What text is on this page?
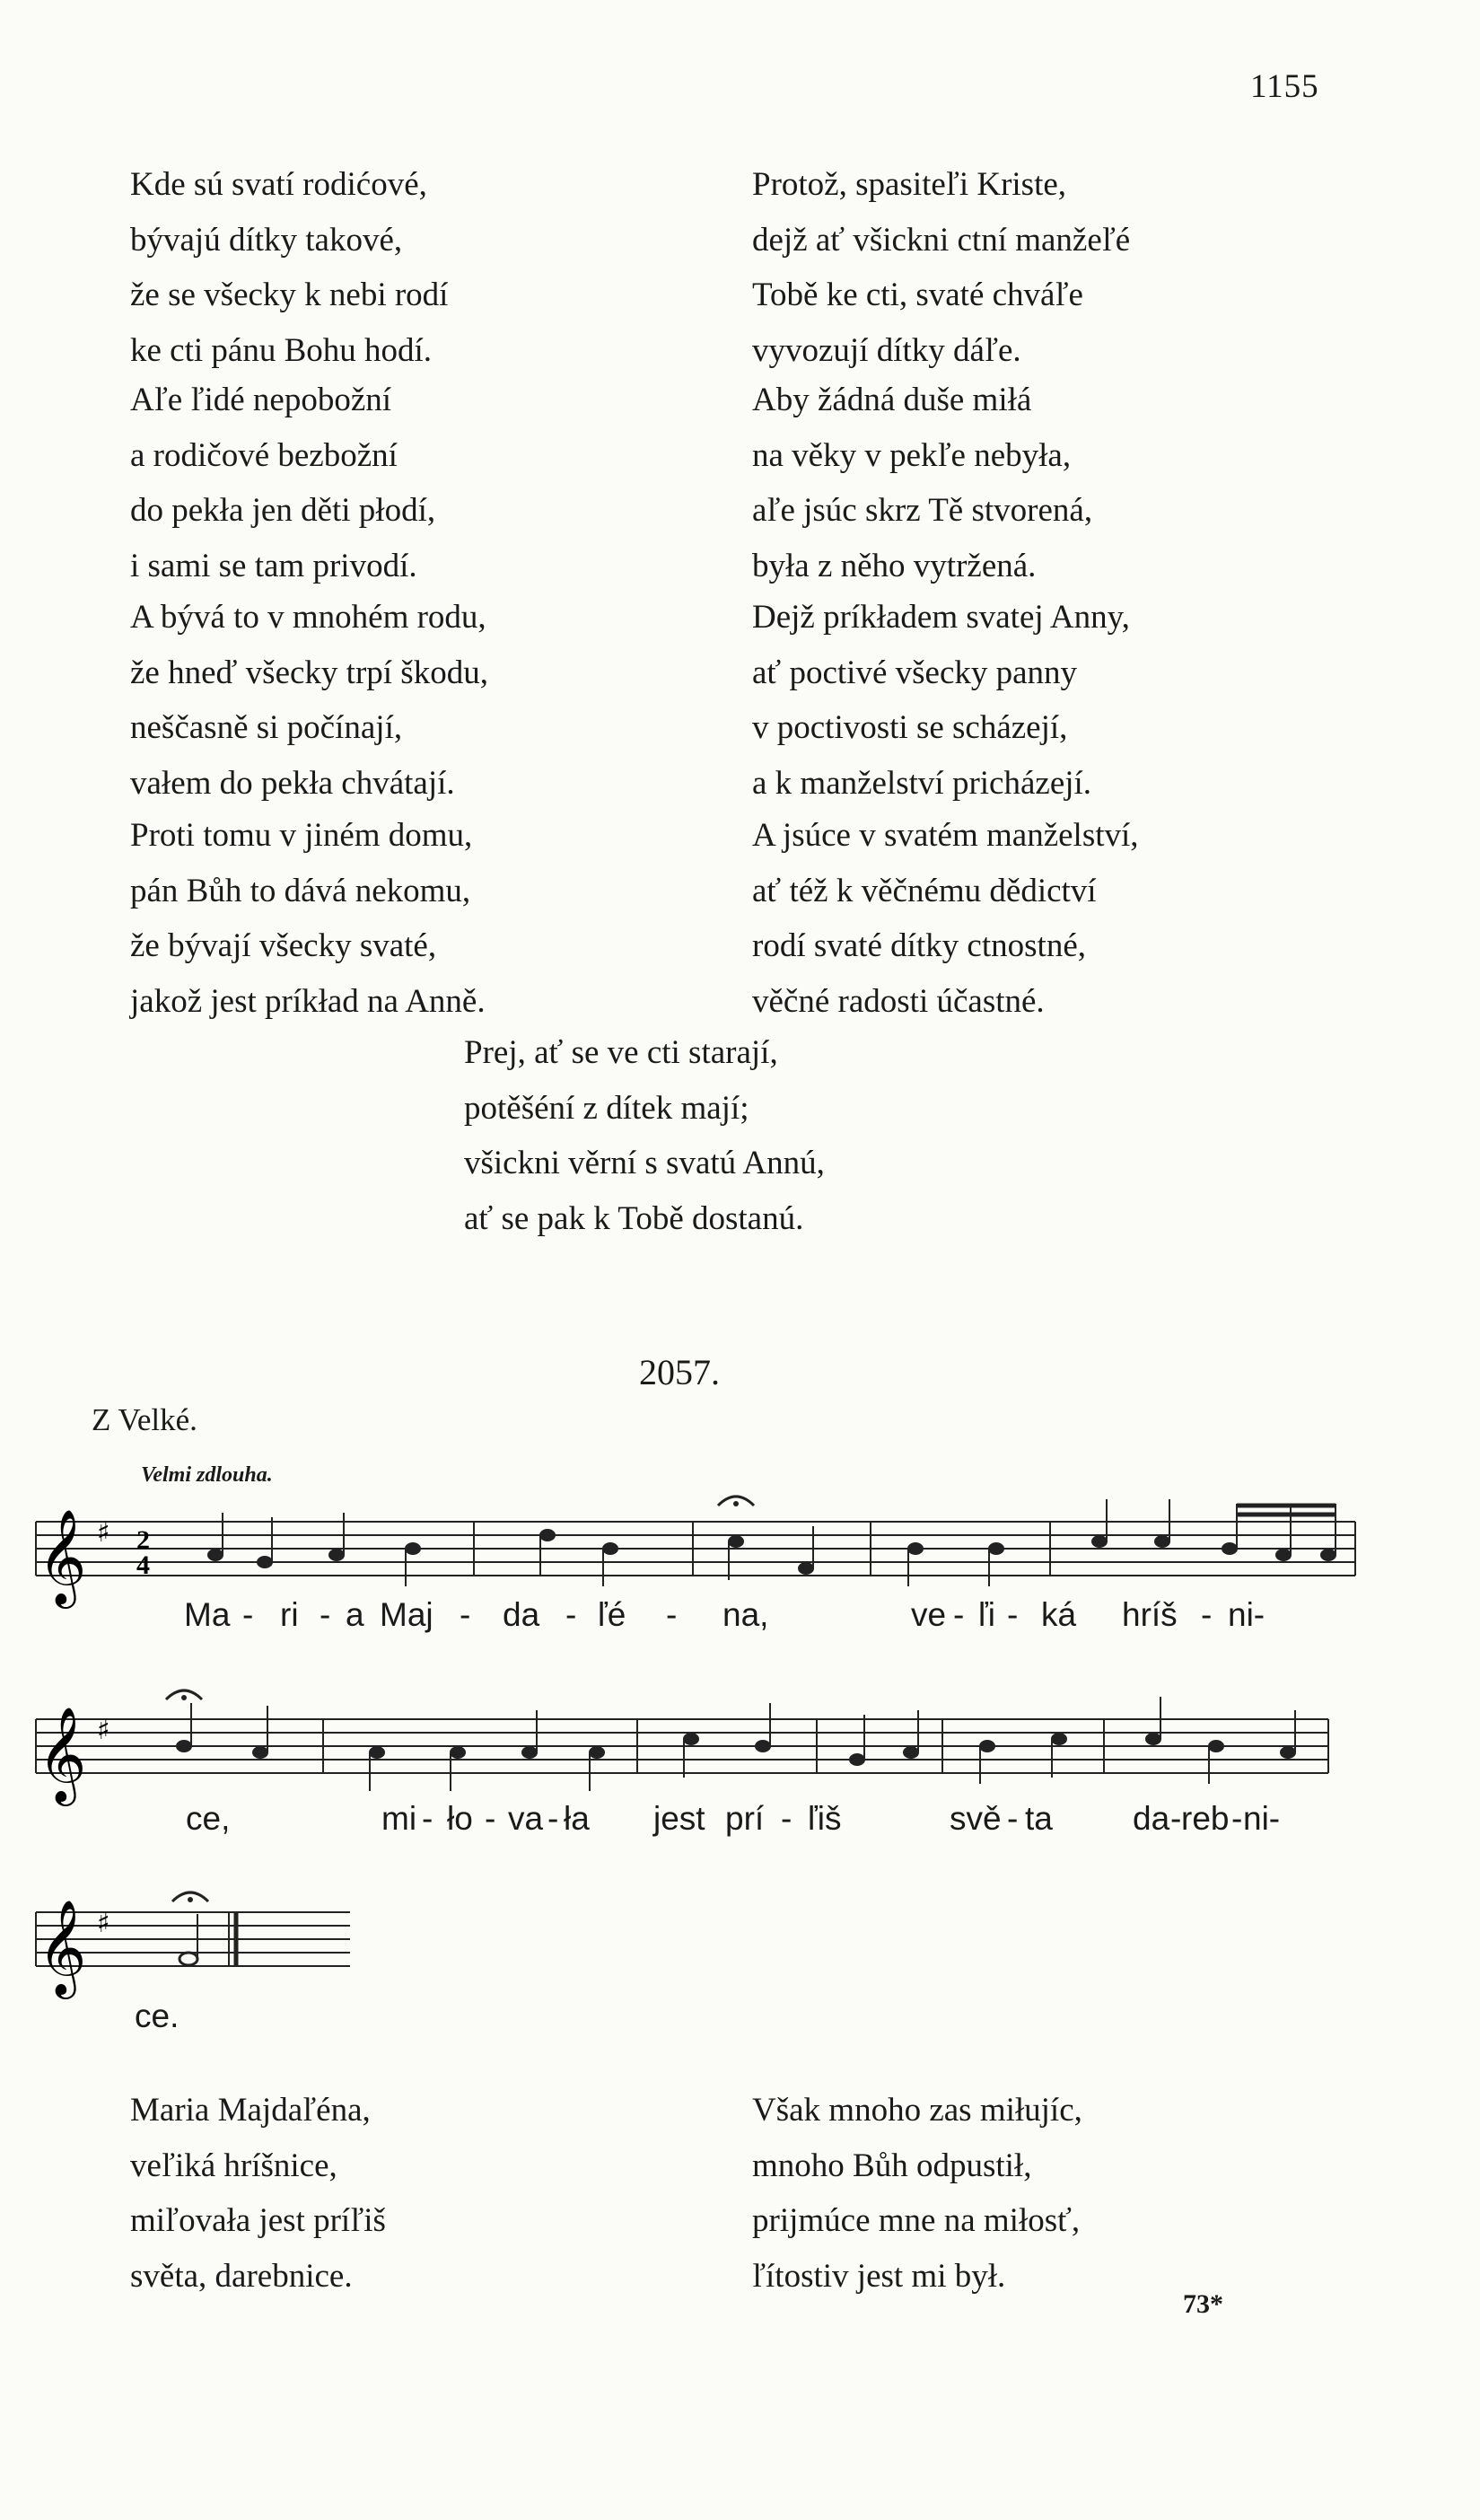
1155
Kde sú svatí rodićové,
bývajú dítky takové,
že se všecky k nebi rodí
ke cti pánu Bohu hodí.
Aľe ľidé nepobožní
a rodičové bezbožní
do pekła jen děti płodí,
i sami se tam privodí.
A bývá to v mnohém rodu,
že hneď všecky trpí škodu,
neščasně si počínají,
vałem do pekła chvátají.
Proti tomu v jiném domu,
pán Bůh to dává nekomu,
že bývají všecky svaté,
jakož jest príkład na Anně.
Protož, spasiteľi Kriste,
dejž ať všickni ctní manžeľé
Tobě ke cti, svaté chváľe
vyvozují dítky dáľe.
Aby žádná duše miłá
na věky v pekľe nebyła,
aľe jsúc skrz Tě stvorená,
była z něho vytržená.
Dejž príkładem svatej Anny,
ať poctivé všecky panny
v poctivosti se scházejí,
a k manželství pricházejí.
A jsúce v svatém manželství,
ať též k věčnému dědictví
rodí svaté dítky ctnostné,
věčné radosti účastné.
Prej, ať se ve cti starají,
potěšéní z dítek mají;
všickni věrní s svatú Annú,
ať se pak k Tobě dostanú.
2057.
Z Velké.
Velmi zdlouha.
𝄞 ♯ 2
4
Ma - ri - a Maj - da - ľé - na,	ve - ľi - ká hríš - ni-
𝄞 ♯
ce,	mi - ło - va - ła jest prí - ľiš	svě - ta da - reb - ni-
𝄞 ♯
ce.
Maria Majdaľéna,
veľiká hríšnice,
miľovała jest príľiš
světa, darebnice.
Však mnoho zas miłujíc,
mnoho Bůh odpustił,
prijmúce mne na miłosť,
ľítostiv jest mi był.
73*
